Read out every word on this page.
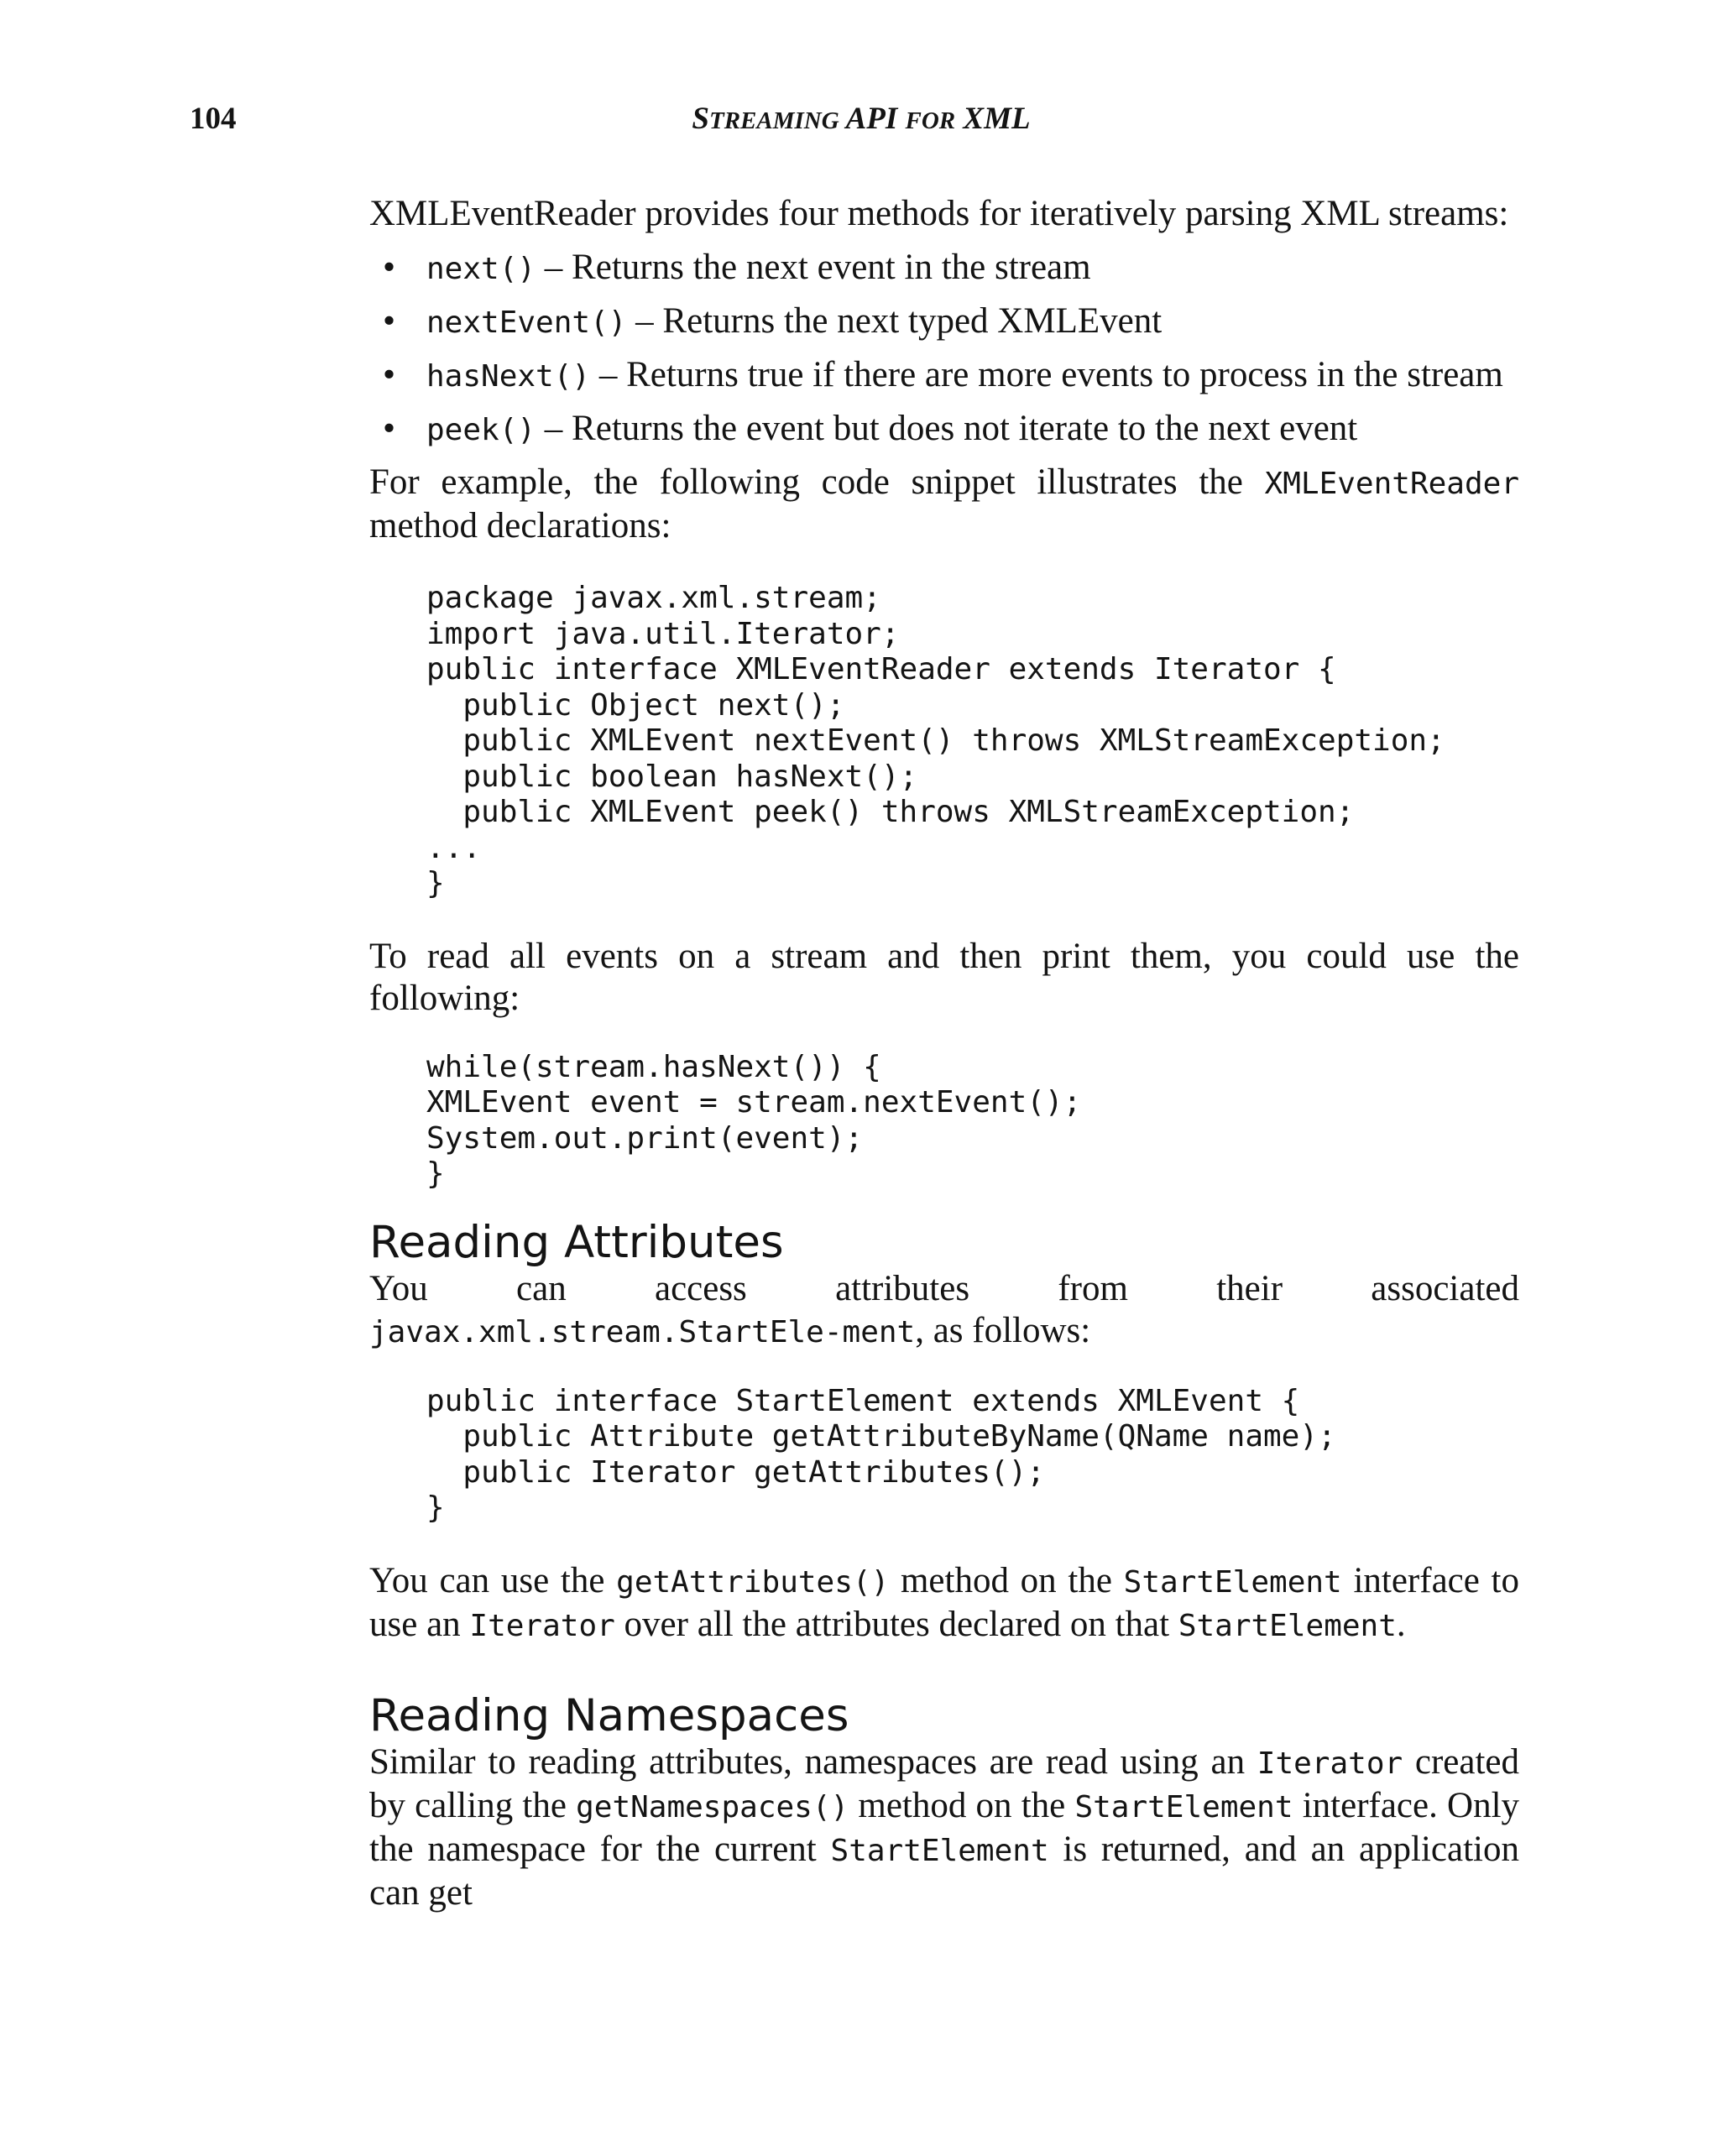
104	STREAMING API FOR XML

XMLEventReader provides four methods for iteratively parsing XML streams:

• next() – Returns the next event in the stream
• nextEvent() – Returns the next typed XMLEvent
• hasNext() – Returns true if there are more events to process in the stream
• peek() – Returns the event but does not iterate to the next event

For example, the following code snippet illustrates the XMLEventReader method declarations:

package javax.xml.stream;
import java.util.Iterator;
public interface XMLEventReader extends Iterator {
public Object next();
public XMLEvent nextEvent() throws XMLStreamException;
public boolean hasNext();
public XMLEvent peek() throws XMLStreamException;
...
}

To read all events on a stream and then print them, you could use the following:

while(stream.hasNext()) {
XMLEvent event = stream.nextEvent();
System.out.print(event);
}
Reading Attributes

You can access attributes from their associated javax.xml.stream.StartEle-ment, as follows:

public interface StartElement extends XMLEvent {
public Attribute getAttributeByName(QName name);
public Iterator getAttributes();
}

You can use the getAttributes() method on the StartElement interface to use an Iterator over all the attributes declared on that StartElement.

Reading Namespaces

Similar to reading attributes, namespaces are read using an Iterator created by calling the getNamespaces() method on the StartElement interface. Only the namespace for the current StartElement is returned, and an application can get
